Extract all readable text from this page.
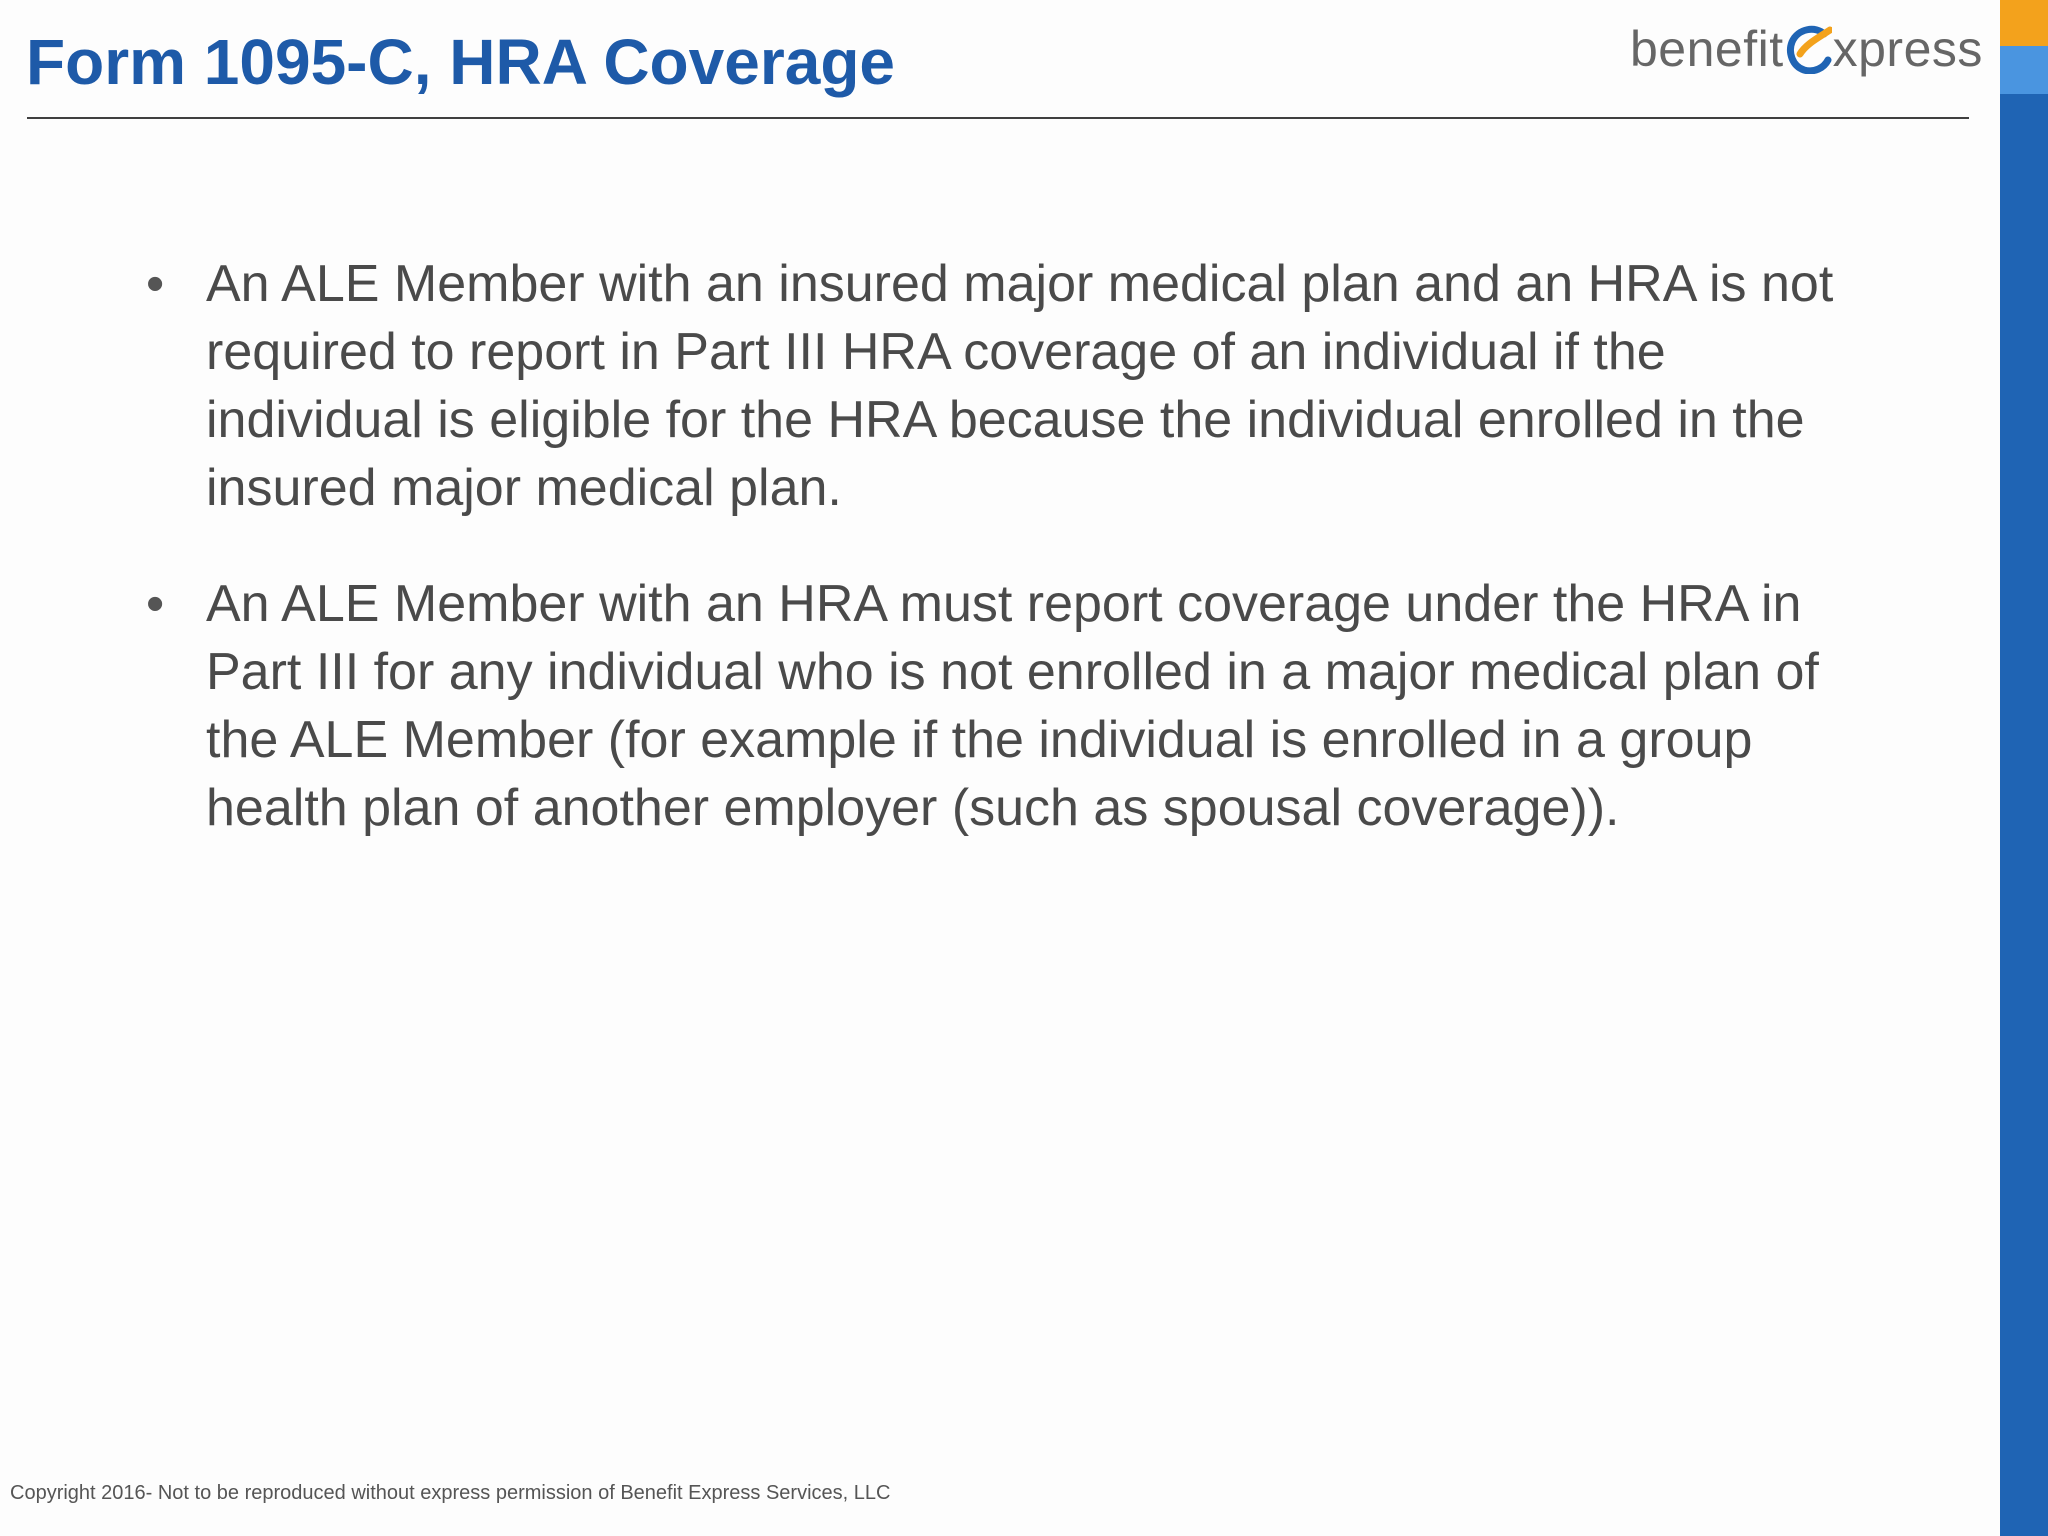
Form 1095-C, HRA Coverage	benefit xpress
• An ALE Member with an insured major medical plan and an HRA is not required to report in Part III HRA coverage of an individual if the individual is eligible for the HRA because the individual enrolled in the insured major medical plan.
• An ALE Member with an HRA must report coverage under the HRA in Part III for any individual who is not enrolled in a major medical plan of the ALE Member (for example if the individual is enrolled in a group health plan of another employer (such as spousal coverage)).
Copyright 2016- Not to be reproduced without express permission of Benefit Express Services, LLC
